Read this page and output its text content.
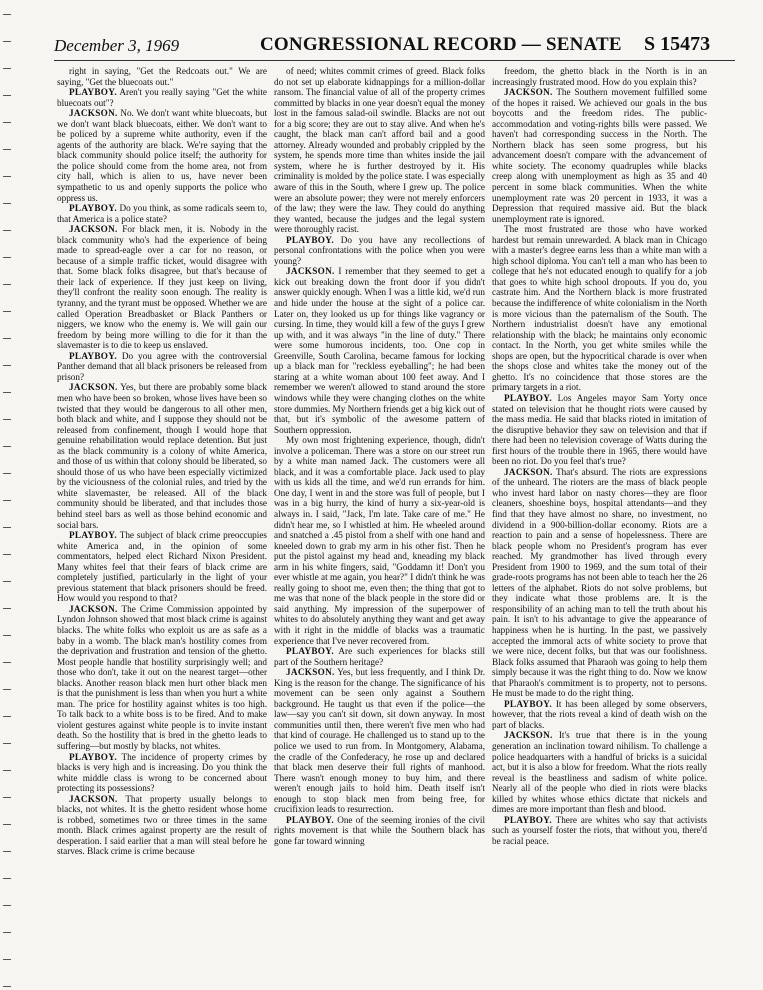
December 3, 1969	CONGRESSIONAL RECORD — SENATE S 15473

right in saying, "Get the Redcoats out." We are saying, "Get the bluecoats out."

PLAYBOY. Aren't you really saying "Get the white bluecoats out"?

JACKSON. No. We don't want white bluecoats, but we don't want black bluecoats, either. We don't want to be policed by a supreme white authority, even if the agents of the authority are black. We're saying that the black community should police itself; the authority for the police should come from the home area, not from city hall, which is alien to us, have never been sympathetic to us and openly supports the police who oppress us.

PLAYBOY. Do you think, as some radicals seem to, that America is a police state?

JACKSON. For black men, it is. Nobody in the black community who's had the experience of being made to spread-eagle over a car for no reason, or because of a simple traffic ticket, would disagree with that. Some black folks disagree, but that's because of their lack of experience. If they just keep on living, they'll confront the reality soon enough. The reality is tyranny, and the tyrant must be opposed. Whether we are called Operation Breadbasket or Black Panthers or niggers, we know who the enemy is. We will gain our freedom by being more willing to die for it than the slavemaster is to die to keep us enslaved.

PLAYBOY. Do you agree with the controversial Panther demand that all black prisoners be released from prison?

JACKSON. Yes, but there are probably some black men who have been so broken, whose lives have been so twisted that they would be dangerous to all other men, both black and white, and I suppose they should not be released from confinement, though I would hope that genuine rehabilitation would replace detention. But just as the black community is a colony of white America, and those of us within that colony should be liberated, so should those of us who have been especially victimized by the viciousness of the colonial rules, and tried by the white slavemaster, be released. All of the black community should be liberated, and that includes those behind steel bars as well as those behind economic and social bars.

PLAYBOY. The subject of black crime preoccupies white America and, in the opinion of some commentators, helped elect Richard Nixon President. Many whites feel that their fears of black crime are completely justified, particularly in the light of your previous statement that black prisoners should be freed. How would you respond to that?

JACKSON. The Crime Commission appointed by Lyndon Johnson showed that most black crime is against blacks. The white folks who exploit us are as safe as a baby in a womb. The black man's hostility comes from the deprivation and frustration and tension of the ghetto. Most people handle that hostility surprisingly well; and those who don't, take it out on the nearest target—other blacks. Another reason black men hurt other black men is that the punishment is less than when you hurt a white man. The price for hostility against whites is too high. To talk back to a white boss is to be fired. And to make violent gestures against white people is to invite instant death. So the hostility that is bred in the ghetto leads to suffering—but mostly by blacks, not whites.

PLAYBOY. The incidence of property crimes by blacks is very high and is increasing. Do you think the white middle class is wrong to be concerned about protecting its possessions?

JACKSON. That property usually belongs to blacks, not whites. It is the ghetto resident whose home is robbed, sometimes two or three times in the same month. Black crimes against property are the result of desperation. I said earlier that a man will steal before he starves. Black crime is crime because

of need; whites commit crimes of greed. Black folks do not set up elaborate kidnappings for a million-dollar ransom. The financial value of all of the property crimes committed by blacks in one year doesn't equal the money lost in the famous salad-oil swindle. Blacks are not out for a big score; they are out to stay alive. And when he's caught, the black man can't afford bail and a good attorney. Already wounded and probably crippled by the system, he spends more time than whites inside the jail system, where he is further destroyed by it. His criminality is molded by the police state. I was especially aware of this in the South, where I grew up. The police were an absolute power; they were not merely enforcers of the law; they were the law. They could do anything they wanted, because the judges and the legal system were thoroughly racist.

PLAYBOY. Do you have any recollections of personal confrontations with the police when you were young?

JACKSON. I remember that they seemed to get a kick out breaking down the front door if you didn't answer quickly enough. When I was a little kid, we'd run and hide under the house at the sight of a police car. Later on, they looked us up for things like vagrancy or cursing. In time, they would kill a few of the guys I grew up with, and it was always "in the line of duty." There were some humorous incidents, too. One cop in Greenville, South Carolina, became famous for locking up a black man for "reckless eyeballing"; he had been staring at a white woman about 100 feet away. And I remember we weren't allowed to stand around the store windows while they were changing clothes on the white store dummies. My Northern friends get a big kick out of that, but it's symbolic of the awesome pattern of Southern oppression.

My own most frightening experience, though, didn't involve a policeman. There was a store on our street run by a white man named Jack. The customers were all black, and it was a comfortable place. Jack used to play with us kids all the time, and we'd run errands for him. One day, I went in and the store was full of people, but I was in a big hurry, the kind of hurry a six-year-old is always in. I said, "Jack, I'm late. Take care of me." He didn't hear me, so I whistled at him. He wheeled around and snatched a .45 pistol from a shelf with one hand and kneeled down to grab my arm in his other fist. Then he put the pistol against my head and, kneading my black arm in his white fingers, said, "Goddamn it! Don't you ever whistle at me again, you hear?" I didn't think he was really going to shoot me, even then; the thing that got to me was that none of the black people in the store did or said anything. My impression of the superpower of whites to do absolutely anything they want and get away with it right in the middle of blacks was a traumatic experience that I've never recovered from.

PLAYBOY. Are such experiences for blacks still part of the Southern heritage?

JACKSON. Yes, but less frequently, and I think Dr. King is the reason for the change. The significance of his movement can be seen only against a Southern background. He taught us that even if the police—the law—say you can't sit down, sit down anyway. In most communities until then, there weren't five men who had that kind of courage. He challenged us to stand up to the police we used to run from. In Montgomery, Alabama, the cradle of the Confederacy, he rose up and declared that black men deserve their full rights of manhood. There wasn't enough money to buy him, and there weren't enough jails to hold him. Death itself isn't enough to stop black men from being free, for crucifixion leads to resurrection.

PLAYBOY. One of the seeming ironies of the civil rights movement is that while the Southern black has gone far toward winning

freedom, the ghetto black in the North is in an increasingly frustrated mood. How do you explain this?

JACKSON. The Southern movement fulfilled some of the hopes it raised. We achieved our goals in the bus boycotts and the freedom rides. The public-accommodation and voting-rights bills were passed. We haven't had corresponding success in the North. The Northern black has seen some progress, but his advancement doesn't compare with the advancement of white society. The economy quadruples while blacks creep along with unemployment as high as 35 and 40 percent in some black communities. When the white unemployment rate was 20 percent in 1933, it was a Depression that required massive aid. But the black unemployment rate is ignored.

The most frustrated are those who have worked hardest but remain unrewarded. A black man in Chicago with a master's degree earns less than a white man with a high school diploma. You can't tell a man who has been to college that he's not educated enough to qualify for a job that goes to white high school dropouts. If you do, you castrate him. And the Northern black is more frustrated because the indifference of white colonialism in the North is more vicious than the paternalism of the South. The Northern industrialist doesn't have any emotional relationship with the black; he maintains only economic contact. In the North, you get white smiles while the shops are open, but the hypocritical charade is over when the shops close and whites take the money out of the ghetto. It's no coincidence that those stores are the primary targets in a riot.

PLAYBOY. Los Angeles mayor Sam Yorty once stated on television that he thought riots were caused by the mass media. He said that blacks rioted in imitation of the disruptive behavior they saw on television and that if there had been no television coverage of Watts during the first hours of the trouble there in 1965, there would have been no riot. Do you feel that's true?

JACKSON. That's absurd. The riots are expressions of the unheard. The rioters are the mass of black people who invest hard labor on nasty chores—they are floor cleaners, shoeshine boys, hospital attendants—and they find that they have almost no share, no investment, no dividend in a 900-billion-dollar economy. Riots are a reaction to pain and a sense of hopelessness. There are black people whom no President's program has ever reached. My grandmother has lived through every President from 1900 to 1969, and the sum total of their grade-roots programs has not been able to teach her the 26 letters of the alphabet. Riots do not solve problems, but they indicate what those problems are. It is the responsibility of an aching man to tell the truth about his pain. It isn't to his advantage to give the appearance of happiness when he is hurting. In the past, we passively accepted the immoral acts of white society to prove that we were nice, decent folks, but that was our foolishness. Black folks assumed that Pharaoh was going to help them simply because it was the right thing to do. Now we know that Pharaoh's commitment is to property, not to persons. He must be made to do the right thing.

PLAYBOY. It has been alleged by some observers, however, that the riots reveal a kind of death wish on the part of blacks.

JACKSON. It's true that there is in the young generation an inclination toward nihilism. To challenge a police headquarters with a handful of bricks is a suicidal act, but it is also a blow for freedom. What the riots really reveal is the beastliness and sadism of white police. Nearly all of the people who died in riots were blacks killed by whites whose ethics dictate that nickels and dimes are more important than flesh and blood.

PLAYBOY. There are whites who say that activists such as yourself foster the riots, that without you, there'd be racial peace.
